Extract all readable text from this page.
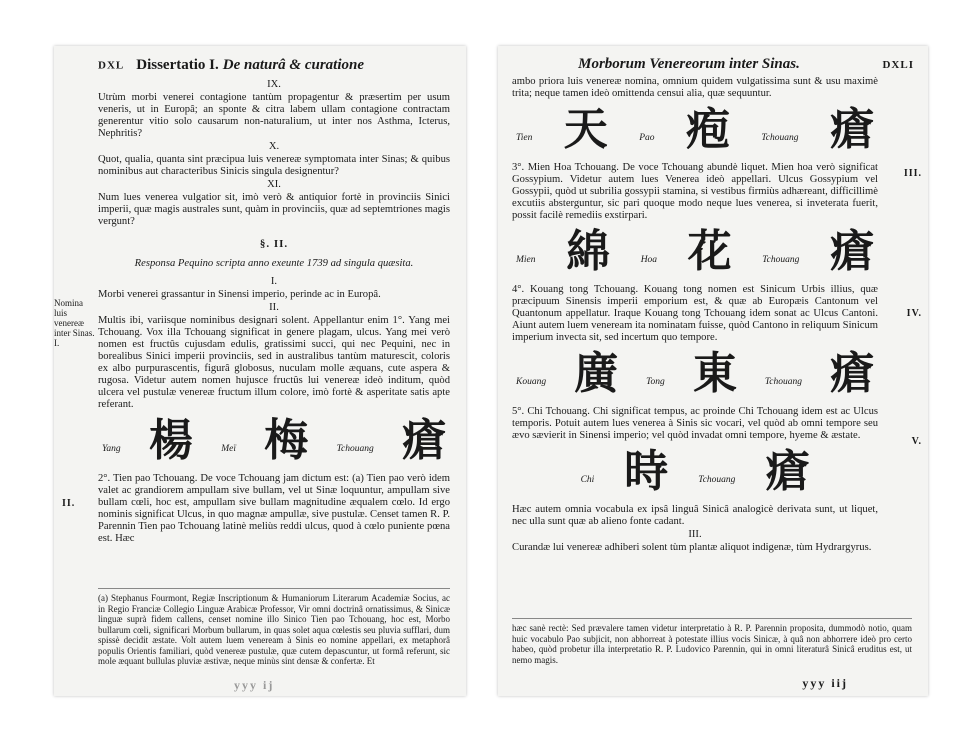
DXL Dissertatio I. De naturâ & curatione

IX.

Utrùm morbi venerei contagione tantùm propagentur & præsertim per usum veneris, ut in Europâ; an sponte & citra labem ullam contagione contractam generentur vitio solo causarum non-naturalium, ut inter nos Asthma, Icterus, Nephritis?

X.

Quot, qualia, quanta sint præcipua luis venereæ symptomata inter Sinas; & quibus nominibus aut characteribus Sinicis singula designentur?

XI.

Num lues venerea vulgatior sit, imò verò & antiquior fortè in provinciis Sinici imperii, quæ magis australes sunt, quàm in provinciis, quæ ad septemtriones magis vergunt?

§. II.

Responsa Pequino scripta anno exeunte 1739 ad singula quæsita.

I.

Morbi venerei grassantur in Sinensi imperio, perinde ac in Europâ.

II.

Multis ibi, variisque nominibus designari solent. Appellantur enim 1°. Yang mei Tchouang. Vox illa Tchouang significat in genere plagam, ulcus. Yang mei verò nomen est fructûs cujusdam edulis, gratissimi succi, qui nec Pequini, nec in borealibus Sinici imperii provinciis, sed in australibus tantùm maturescit, coloris ex albo purpurascentis, figurâ globosus, nuculam molle æquans, cute aspera & rugosa. Videtur autem nomen hujusce fructûs lui venereæ ideò inditum, quòd ulcera vel pustulæ venereæ fructum illum colore, imò fortè & asperitate satis apte referant.

Yang 楊	Meï 梅	Tchouang 瘡

2°. Tien pao Tchouang. De voce Tchouang jam dictum est: (a) Tien pao verò idem valet ac grandiorem ampullam sive bullam, vel ut Sinæ loquuntur, ampullam sive bullam cœli, hoc est, ampullam sive bullam magnitudine æqualem cœlo. Id ergo nominis significat Ulcus, in quo magnæ ampullæ, sive pustulæ. Censet tamen R. P. Parennin Tien pao Tchouang latinè meliùs reddi ulcus, quod à cœlo puniente pœna est. Hæc

Nomina luis venereæ inter Sinas.
I.
II.

(a) Stephanus Fourmont, Regiæ Inscriptionum & Humaniorum Literarum Academiæ Socius, ac in Regio Franciæ Collegio Linguæ Arabicæ Professor, Vir omni doctrinâ ornatissimus, & Sinicæ linguæ suprà fidem callens, censet nomine illo Sinico Tien pao Tchouang, hoc est, Morbo bullarum cœli, significari Morbum bullarum, in quas solet aqua cœlestis seu pluvia sufflari, dum spissè decidit æstate. Volt autem luem veneream à Sinis eo nomine appellari, ex metaphorâ populis Orientis familiari, quòd venereæ pustulæ, quæ cutem depascuntur, ut formâ referunt, sic mole æquant bullulas pluviæ æstivæ, neque minùs sint densæ & confertæ. Et

yyy ij
Morborum Venereorum inter Sinas.	DXLI

ambo priora luis venereæ nomina, omnium quidem vulgatissima sunt & usu maximè trita; neque tamen ideò omittenda censui alia, quæ sequuntur.

Tien 天	Pao 疱	Tchouang 瘡

3°. Mien Hoa Tchouang. De voce Tchouang abundè liquet. Mien hoa verò significat Gossypium. Videtur autem lues Venerea ideò appellari. Ulcus Gossypium vel Gossypii, quòd ut subrilia gossypii stamina, si vestibus firmiùs adhæreant, difficillimè excutiis absterguntur, sic pari quoque modo neque lues venerea, si inveterata fuerit, possit facilè remediis exstirpari.

Mien 綿	Hoa 花	Tchouang 瘡

4°. Kouang tong Tchouang. Kouang tong nomen est Sinicum Urbis illius, quæ præcipuum Sinensis imperii emporium est, & quæ ab Europæis Cantonum vel Quantonum appellatur. Iraque Kouang tong Tchouang idem sonat ac Ulcus Cantoni. Aiunt autem luem veneream ita nominatam fuisse, quòd Cantono in reliquum Sinicum imperium invecta sit, sed incertum quo tempore.

Kouang 廣	Tong 東	Tchouang 瘡

5°. Chi Tchouang. Chi significat tempus, ac proinde Chi Tchouang idem est ac Ulcus temporis. Potuit autem lues venerea à Sinis sic vocari, vel quòd ab omni tempore seu ævo sævierit in Sinensi imperio; vel quòd invadat omni tempore, hyeme & æstate.

Chi 時	Tchouang 瘡

Hæc autem omnia vocabula ex ipsâ linguâ Sinicâ analogicè derivata sunt, ut liquet, nec ulla sunt quæ ab alieno fonte cadant.

III.

Curandæ lui venereæ adhiberi solent tùm plantæ aliquot indigenæ, tùm Hydrargyrus.

III.
IV.
V.

hæc sanè rectè: Sed prævalere tamen videtur interpretatio à R. P. Parennin proposita, dummodò notio, quam huic vocabulo Pao subjicit, non abhorreat à potestate illius vocis Sinicæ, à quâ non abhorrere ideò pro certo habeo, quòd probetur illa interpretatio R. P. Ludovico Parennin, qui in omni literaturâ Sinicâ eruditus est, ut nemo magis.

yyy iij
